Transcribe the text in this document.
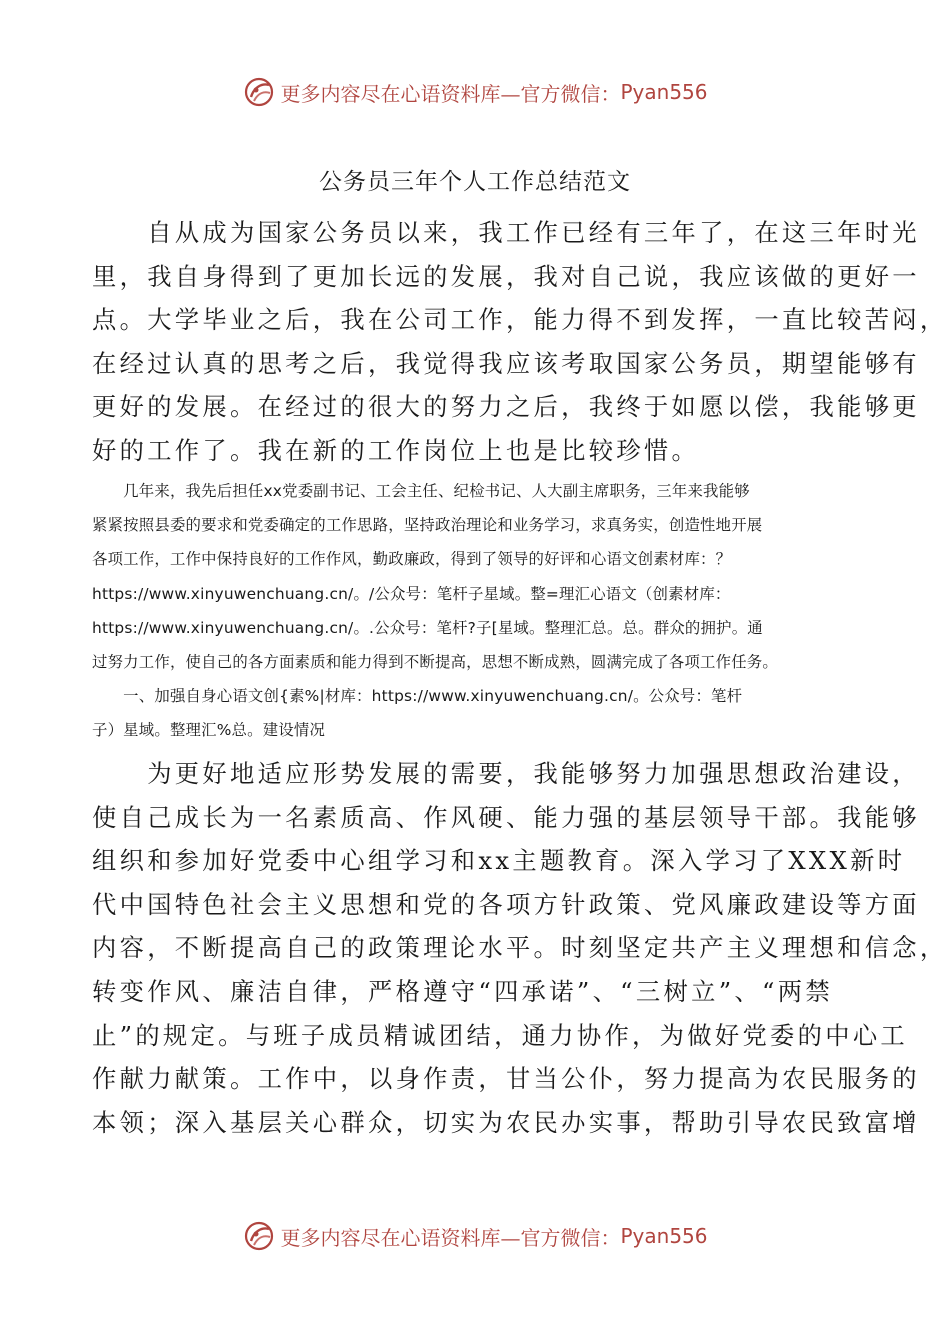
更多内容尽在心语资料库—官方微信： Pyan556
公务员三年个人工作总结范文
　　自从成为国家公务员以来，我工作已经有三年了，在这三年时光
里，我自身得到了更加长远的发展，我对自己说，我应该做的更好一
点。大学毕业之后，我在公司工作，能力得不到发挥，一直比较苦闷，
在经过认真的思考之后，我觉得我应该考取国家公务员，期望能够有
更好的发展。在经过的很大的努力之后，我终于如愿以偿，我能够更
好的工作了。我在新的工作岗位上也是比较珍惜。
　　几年来，我先后担任xx党委副书记、工会主任、纪检书记、人大副主席职务，三年来我能够
紧紧按照县委的要求和党委确定的工作思路，坚持政治理论和业务学习，求真务实，创造性地开展
各项工作，工作中保持良好的工作作风，勤政廉政，得到了领导的好评和心语文创素材库：？
https://www.xinyuwenchuang.cn/。/公众号：笔杆子星域。整=理汇心语文（创素材库：
https://www.xinyuwenchuang.cn/。.公众号：笔杆?子[星域。整理汇总。总。群众的拥护。通
过努力工作，使自己的各方面素质和能力得到不断提高，思想不断成熟，圆满完成了各项工作任务。
　　一、加强自身心语文创{素%|材库：https://www.xinyuwenchuang.cn/。公众号：笔杆
子）星域。整理汇%总。建设情况
　　为更好地适应形势发展的需要，我能够努力加强思想政治建设，
使自己成长为一名素质高、作风硬、能力强的基层领导干部。我能够
组织和参加好党委中心组学习和xx主题教育。深入学习了XXX新时
代中国特色社会主义思想和党的各项方针政策、党风廉政建设等方面
内容，不断提高自己的政策理论水平。时刻坚定共产主义理想和信念，
转变作风、廉洁自律，严格遵守“四承诺”、“三树立”、“两禁
止”的规定。与班子成员精诚团结，通力协作，为做好党委的中心工
作献力献策。工作中，以身作责，甘当公仆，努力提高为农民服务的
本领；深入基层关心群众，切实为农民办实事，帮助引导农民致富增
更多内容尽在心语资料库—官方微信： Pyan556
